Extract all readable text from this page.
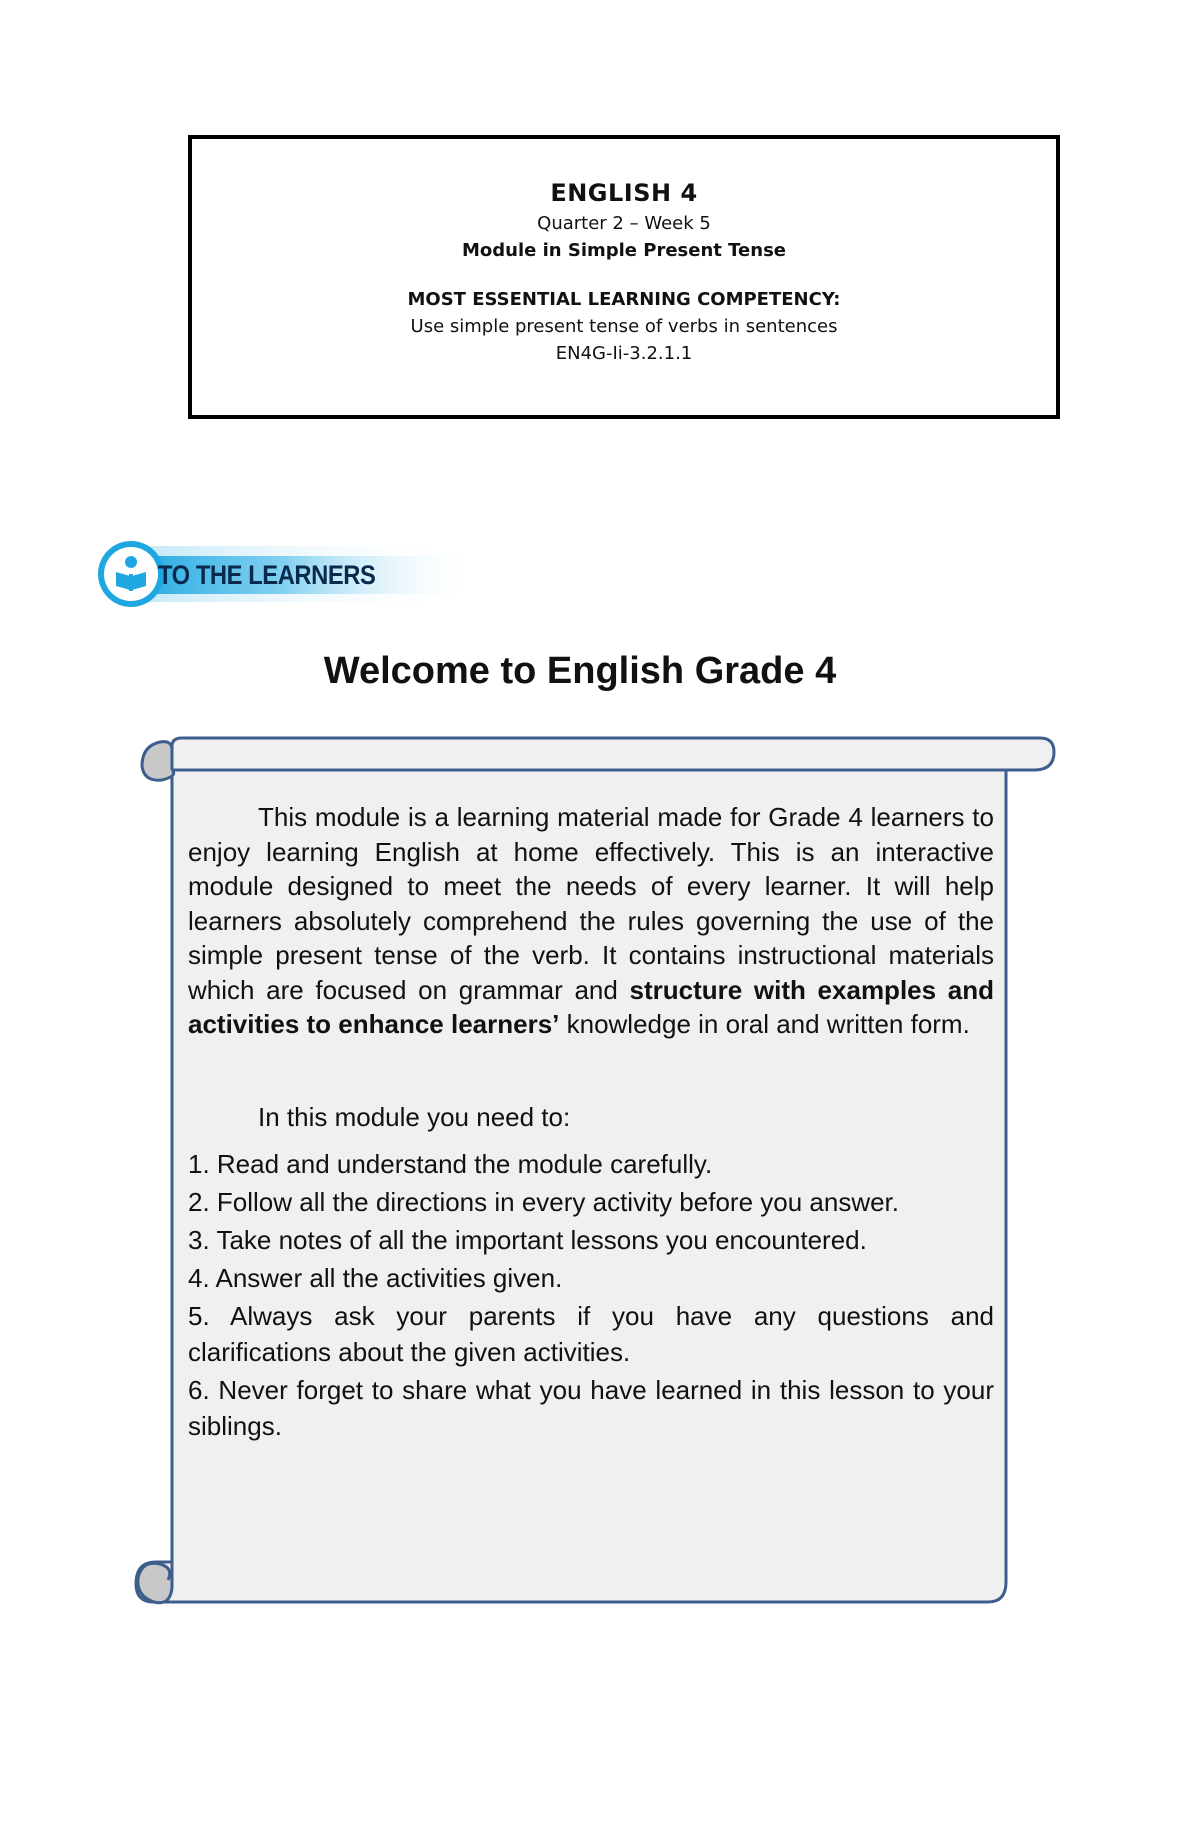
ENGLISH 4
Quarter 2 – Week 5
Module in Simple Present Tense
MOST ESSENTIAL LEARNING COMPETENCY:
Use simple present tense of verbs in sentences
EN4G-Ii-3.2.1.1
TO THE LEARNERS
Welcome to English Grade 4

This module is a learning material made for Grade 4 learners to enjoy learning English at home effectively. This is an interactive module designed to meet the needs of every learner. It will help learners absolutely comprehend the rules governing the use of the simple present tense of the verb. It contains instructional materials which are focused on grammar and structure with examples and activities to enhance learners’ knowledge in oral and written form.

In this module you need to:

1. Read and understand the module carefully.
2. Follow all the directions in every activity before you answer.
3. Take notes of all the important lessons you encountered.
4. Answer all the activities given.
5. Always ask your parents if you have any questions and clarifications about the given activities.
6. Never forget to share what you have learned in this lesson to your siblings.
